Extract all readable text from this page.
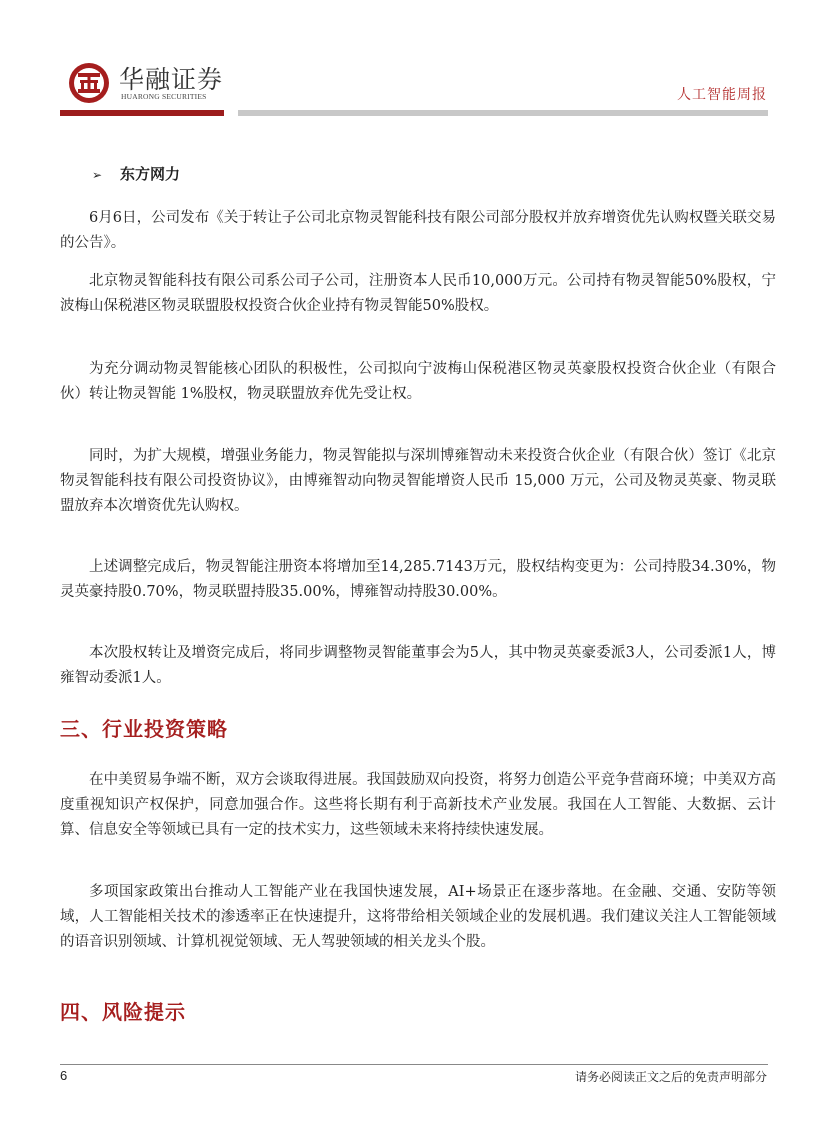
华融证券
HUARONG SECURITIES	人工智能周报
➢ 东方网力

6月6日，公司发布《关于转让子公司北京物灵智能科技有限公司部分股权并放弃增资优先认购权暨关联交易的公告》。

北京物灵智能科技有限公司系公司子公司，注册资本人民币10,000万元。公司持有物灵智能50%股权，宁波梅山保税港区物灵联盟股权投资合伙企业持有物灵智能50%股权。

为充分调动物灵智能核心团队的积极性，公司拟向宁波梅山保税港区物灵英豪股权投资合伙企业（有限合伙）转让物灵智能 1%股权，物灵联盟放弃优先受让权。

同时，为扩大规模，增强业务能力，物灵智能拟与深圳博雍智动未来投资合伙企业（有限合伙）签订《北京物灵智能科技有限公司投资协议》，由博雍智动向物灵智能增资人民币 15,000 万元，公司及物灵英豪、物灵联盟放弃本次增资优先认购权。

上述调整完成后，物灵智能注册资本将增加至14,285.7143万元，股权结构变更为：公司持股34.30%，物灵英豪持股0.70%，物灵联盟持股35.00%，博雍智动持股30.00%。

本次股权转让及增资完成后，将同步调整物灵智能董事会为5人，其中物灵英豪委派3人，公司委派1人，博雍智动委派1人。

三、行业投资策略

在中美贸易争端不断，双方会谈取得进展。我国鼓励双向投资，将努力创造公平竞争营商环境；中美双方高度重视知识产权保护，同意加强合作。这些将长期有利于高新技术产业发展。我国在人工智能、大数据、云计算、信息安全等领域已具有一定的技术实力，这些领域未来将持续快速发展。

多项国家政策出台推动人工智能产业在我国快速发展，AI+场景正在逐步落地。在金融、交通、安防等领域，人工智能相关技术的渗透率正在快速提升，这将带给相关领域企业的发展机遇。我们建议关注人工智能领域的语音识别领域、计算机视觉领域、无人驾驶领域的相关龙头个股。

四、风险提示
6	请务必阅读正文之后的免责声明部分
